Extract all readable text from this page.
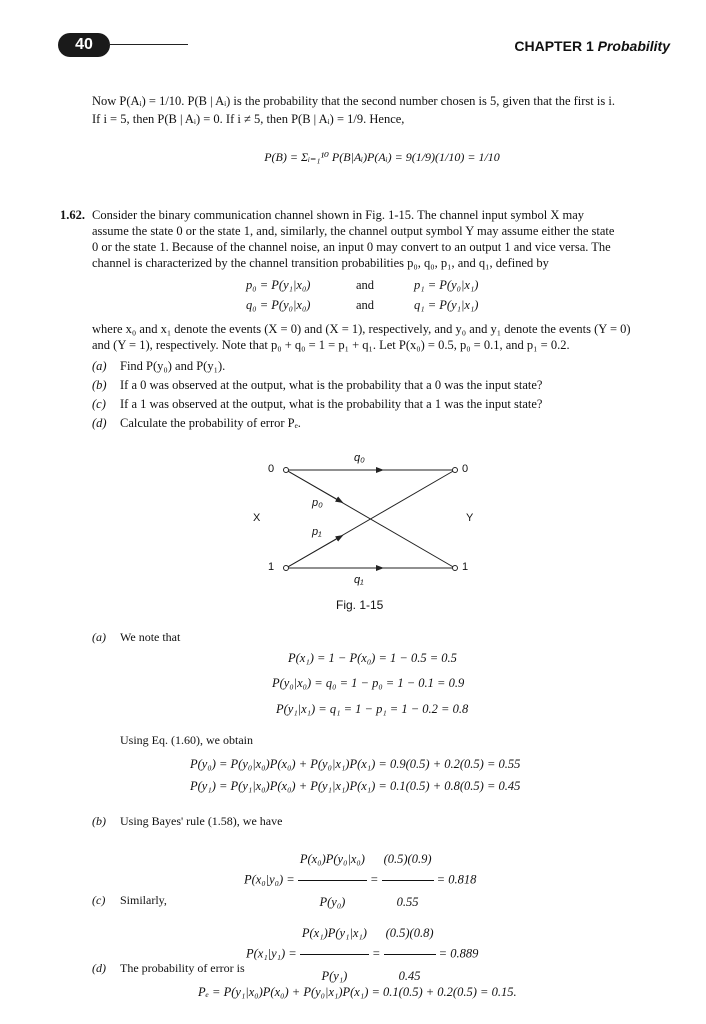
40	CHAPTER 1 Probability
Now P(Aᵢ) = 1/10. P(B | Aᵢ) is the probability that the second number chosen is 5, given that the first is i.
If i = 5, then P(B | Aᵢ) = 0. If i ≠ 5, then P(B | Aᵢ) = 1/9. Hence,
P(B) = Σᵢ₌₁¹⁰ P(B|Aᵢ)P(Aᵢ) = 9(1/9)(1/10) = 1/10
1.62. Consider the binary communication channel shown in Fig. 1-15. The channel input symbol X may
assume the state 0 or the state 1, and, similarly, the channel output symbol Y may assume either the state
0 or the state 1. Because of the channel noise, an input 0 may convert to an output 1 and vice versa. The
channel is characterized by the channel transition probabilities p₀, q₀, p₁, and q₁, defined by
p₀ = P(y₁|x₀)	and	p₁ = P(y₀|x₁)
q₀ = P(y₀|x₀)	and	q₁ = P(y₁|x₁)
where x₀ and x₁ denote the events (X = 0) and (X = 1), respectively, and y₀ and y₁ denote the events (Y = 0)
and (Y = 1), respectively. Note that p₀ + q₀ = 1 = p₁ + q₁. Let P(x₀) = 0.5, p₀ = 0.1, and p₁ = 0.2.
(a) Find P(y₀) and P(y₁).
(b) If a 0 was observed at the output, what is the probability that a 0 was the input state?
(c) If a 1 was observed at the output, what is the probability that a 1 was the input state?
(d) Calculate the probability of error Pₑ.
0
1
0
1
X	Y
q₀
q₁
p₀
p₁
Fig. 1-15
(a) We note that
P(x₁) = 1 − P(x₀) = 1 − 0.5 = 0.5
P(y₀|x₀) = q₀ = 1 − p₀ = 1 − 0.1 = 0.9
P(y₁|x₁) = q₁ = 1 − p₁ = 1 − 0.2 = 0.8
Using Eq. (1.60), we obtain
P(y₀) = P(y₀|x₀)P(x₀) + P(y₀|x₁)P(x₁) = 0.9(0.5) + 0.2(0.5) = 0.55
P(y₁) = P(y₁|x₀)P(x₀) + P(y₁|x₁)P(x₁) = 0.1(0.5) + 0.8(0.5) = 0.45
(b) Using Bayes' rule (1.58), we have
$P(x_0|y_0) = \frac{\text{P(x₀)P(y₀|x₀)}}{\text{P(y₀)}} = \frac{(0.5)(0.9)}{0.55} = 0.818$
(c) Similarly,
$P(x_1|y_1) = \frac{\text{P(x₁)P(y₁|x₁)}}{\text{P(y₁)}} = \frac{(0.5)(0.8)}{0.45} = 0.889$
(d) The probability of error is
Pₑ = P(y₁|x₀)P(x₀) + P(y₀|x₁)P(x₁) = 0.1(0.5) + 0.2(0.5) = 0.15.
